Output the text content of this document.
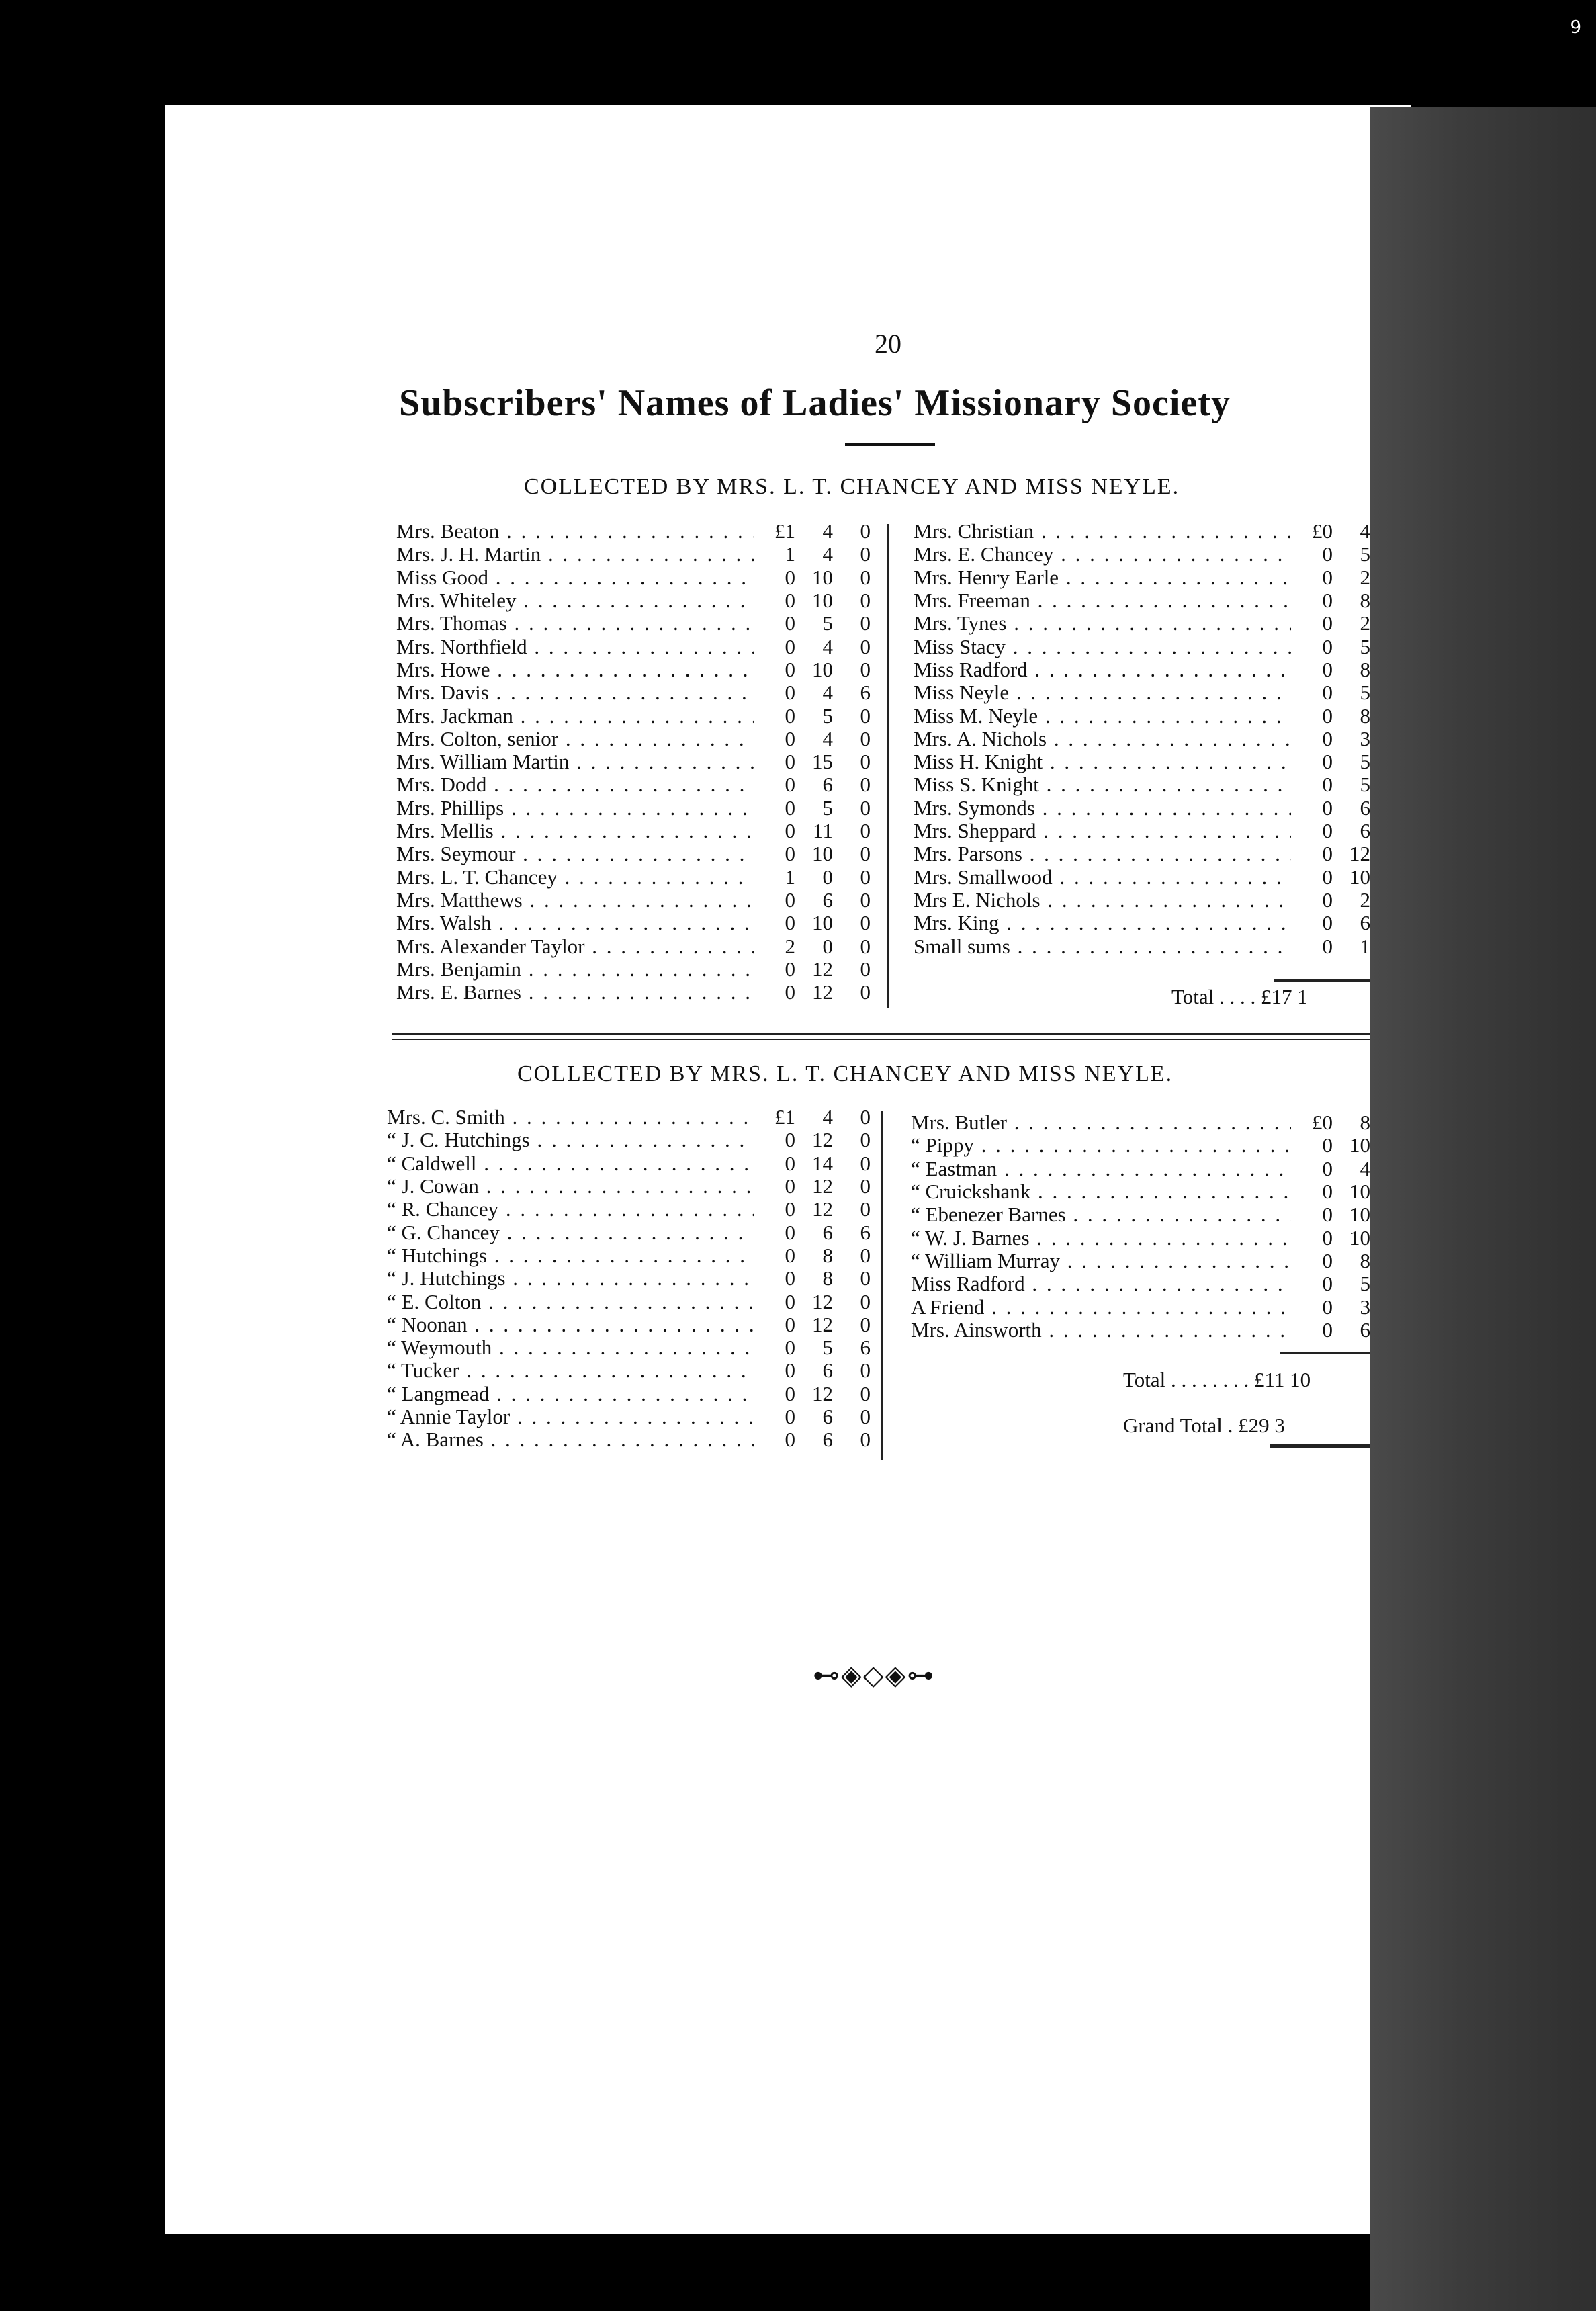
9
20
Subscribers' Names of Ladies' Missionary Society
COLLECTED BY MRS. L. T. CHANCEY AND MISS NEYLE.
Mrs. Beaton . . .	£1	4	0
Mrs. J. H. Martin . . .	1	4	0
Miss Good . . .	0 10	0
Mrs. Whiteley . . .	0 10	0
Mrs. Thomas . . .	0	5	0
Mrs. Northfield . . .	0	4	0
Mrs. Howe . . .	0 10	0
Mrs. Davis . . .	0	4	6
Mrs. Jackman . . .	0	5	0
Mrs. Colton, senior . . .	0	4	0
Mrs. William Martin . . .	0 15	0
Mrs. Dodd . . .	0	6	0
Mrs. Phillips . . .	0	5	0
Mrs. Mellis . . .	0 11	0
Mrs. Seymour . . .	0 10	0
Mrs. L. T. Chancey . . .	1	0	0
Mrs. Matthews . . .	0	6	0
Mrs. Walsh . . .	0 10	0
Mrs. Alexander Taylor . . .	2	0	0
Mrs. Benjamin . . .	0 12	0
Mrs. E. Barnes . . .	0 12	0
Mrs. Christian . . .	£0	4
Mrs. E. Chancey . . .	0	5
Mrs. Henry Earle . . .	0	2
Mrs. Freeman . . .	0	8
Mrs. Tynes . . .	0	2
Miss Stacy . . .	0	5
Miss Radford . . .	0	8
Miss Neyle . . .	0	5
Miss M. Neyle . . .	0	8
Mrs. A. Nichols . . .	0	3
Miss H. Knight . . .	0	5
Miss S. Knight . . .	0	5
Mrs. Symonds . . .	0	6
Mrs. Sheppard . . .	0	6
Mrs. Parsons . . .	0 12
Mrs. Smallwood . . .	0 10
Mrs E. Nichols . . .	0	2
Mrs. King . . .	0	6
Small sums . . .	0	1
Total . . . . £17 1
COLLECTED BY MRS. L. T. CHANCEY AND MISS NEYLE.
Mrs. C. Smith . . .	£1	4	0
“ J. C. Hutchings . . .	0 12	0
“ Caldwell . . .	0 14	0
“ J. Cowan . . .	0 12	0
“ R. Chancey . . .	0 12	0
“ G. Chancey . . .	0	6	6
“ Hutchings . . .	0	8	0
“ J. Hutchings . . .	0	8	0
“ E. Colton . . .	0 12	0
“ Noonan . . .	0 12	0
“ Weymouth . . .	0	5	6
“ Tucker . . .	0	6	0
“ Langmead . . .	0 12	0
“ Annie Taylor . . .	0	6	0
“ A. Barnes . . .	0	6	0
Mrs. Butler . . .	£0	8
“ Pippy . . .	0 10
“ Eastman . . .	0	4
“ Cruickshank . . .	0 10
“ Ebenezer Barnes . . .	0 10
“ W. J. Barnes . . .	0 10
“ William Murray . . .	0	8
Miss Radford . . .	0	5
A Friend . . .	0	3
Mrs. Ainsworth . . .	0	6
Total . . . . . . . . £11 10
Grand Total . £29 3
⊷◈◇◈⊶
